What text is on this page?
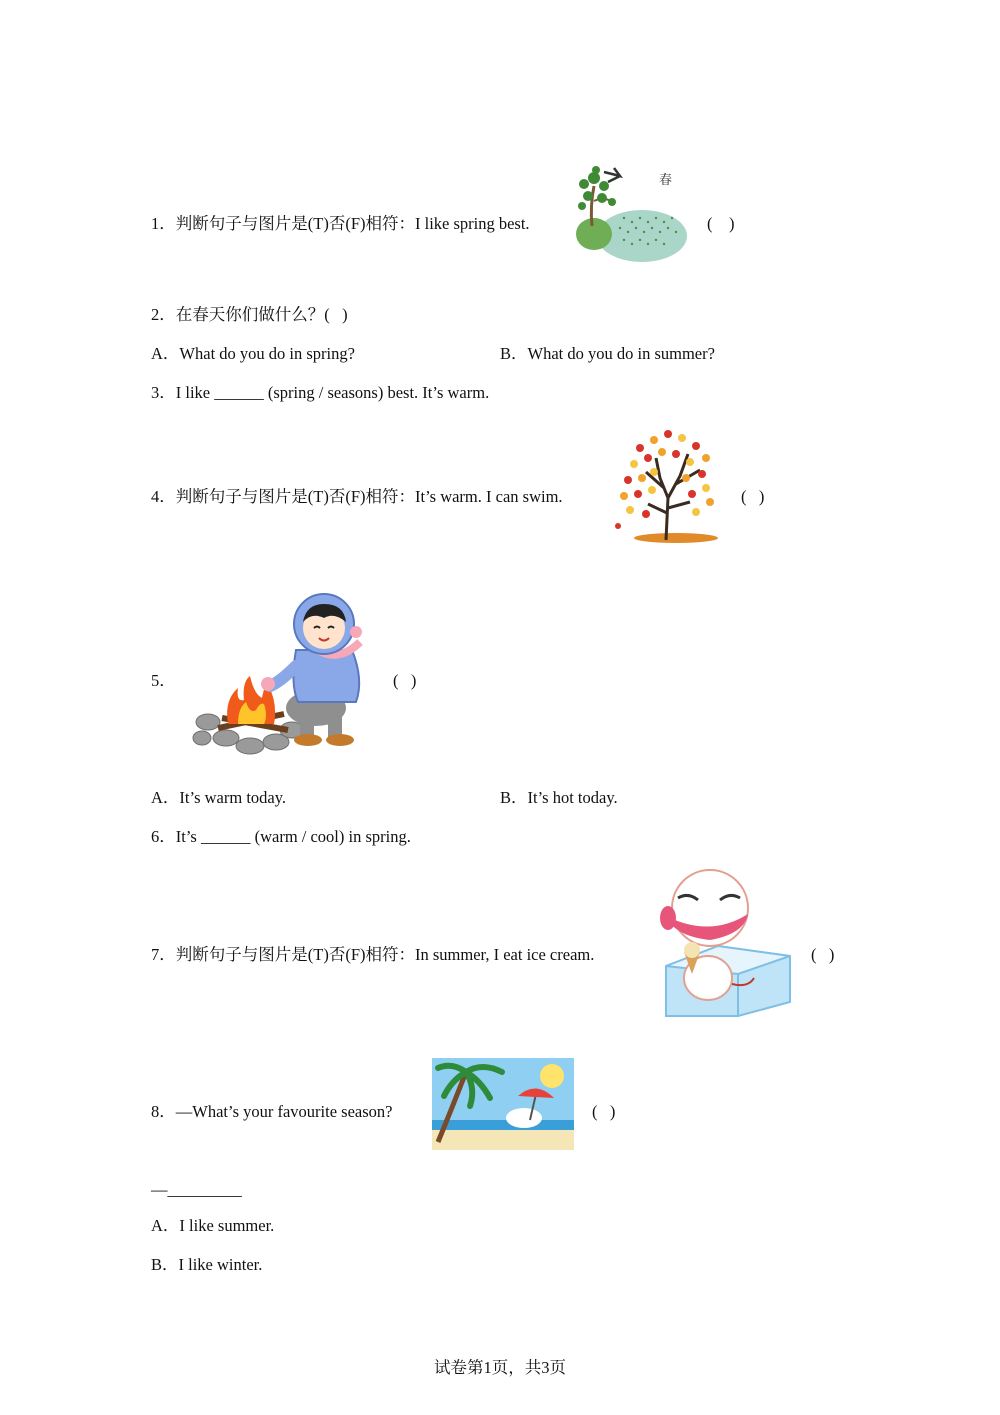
1．判断句子与图片是(T)否(F)相符：I like spring best.
春
(    )
2．在春天你们做什么？(   )
A．What do you do in spring?	B．What do you do in summer?
3．I like ______ (spring / seasons) best. It’s warm.
4．判断句子与图片是(T)否(F)相符：It’s warm. I can swim.	(   )
5．	(   )
A．It’s warm today.	B．It’s hot today.
6．It’s ______ (warm / cool) in spring.
7．判断句子与图片是(T)否(F)相符：In summer, I eat ice cream.	(   )
8．—What’s your favourite season?	(   )
—_________
A．I like summer.
B．I like winter.
试卷第1页，共3页
